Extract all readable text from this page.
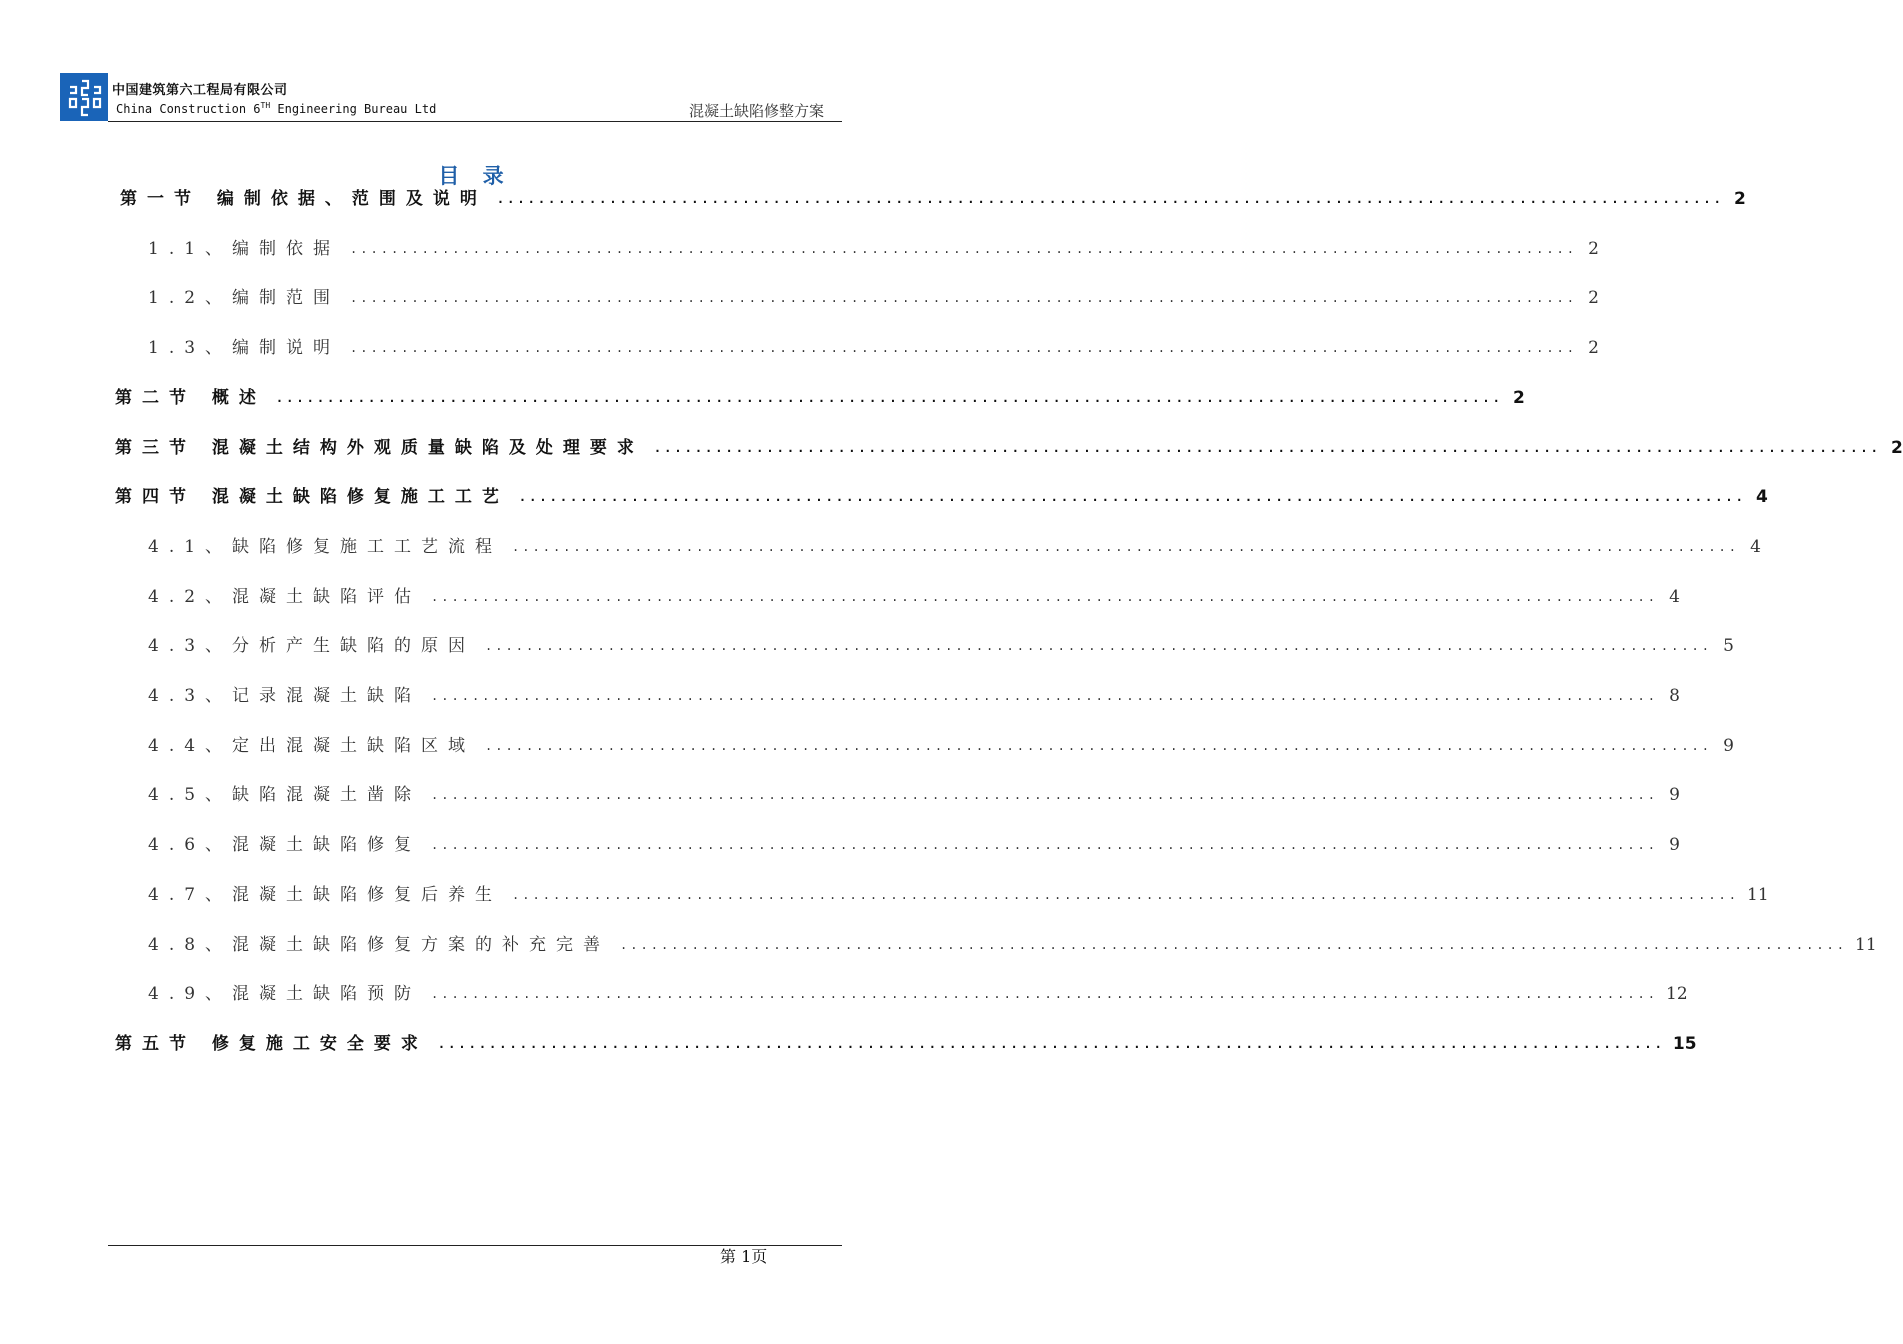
中国建筑第六工程局有限公司
China Construction 6TH Engineering Bureau Ltd	混凝土缺陷修整方案
目 录
第一节 编制依据、范围及说明 ........................................................................................................................ 2
1.1、编制依据 ........................................................................................................................ 2
1.2、编制范围 ........................................................................................................................ 2
1.3、编制说明 ........................................................................................................................ 2
第二节 概述 ........................................................................................................................ 2
第三节 混凝土结构外观质量缺陷及处理要求 ........................................................................................................................ 2
第四节 混凝土缺陷修复施工工艺 ........................................................................................................................ 4
4.1、缺陷修复施工工艺流程 ........................................................................................................................ 4
4.2、混凝土缺陷评估 ........................................................................................................................ 4
4.3、分析产生缺陷的原因 ........................................................................................................................ 5
4.3、记录混凝土缺陷 ........................................................................................................................ 8
4.4、定出混凝土缺陷区域 ........................................................................................................................ 9
4.5、缺陷混凝土凿除 ........................................................................................................................ 9
4.6、混凝土缺陷修复 ........................................................................................................................ 9
4.7、混凝土缺陷修复后养生 ........................................................................................................................ 11
4.8、混凝土缺陷修复方案的补充完善 ........................................................................................................................ 11
4.9、混凝土缺陷预防 ........................................................................................................................ 12
第五节 修复施工安全要求 ........................................................................................................................ 15
第 1页
